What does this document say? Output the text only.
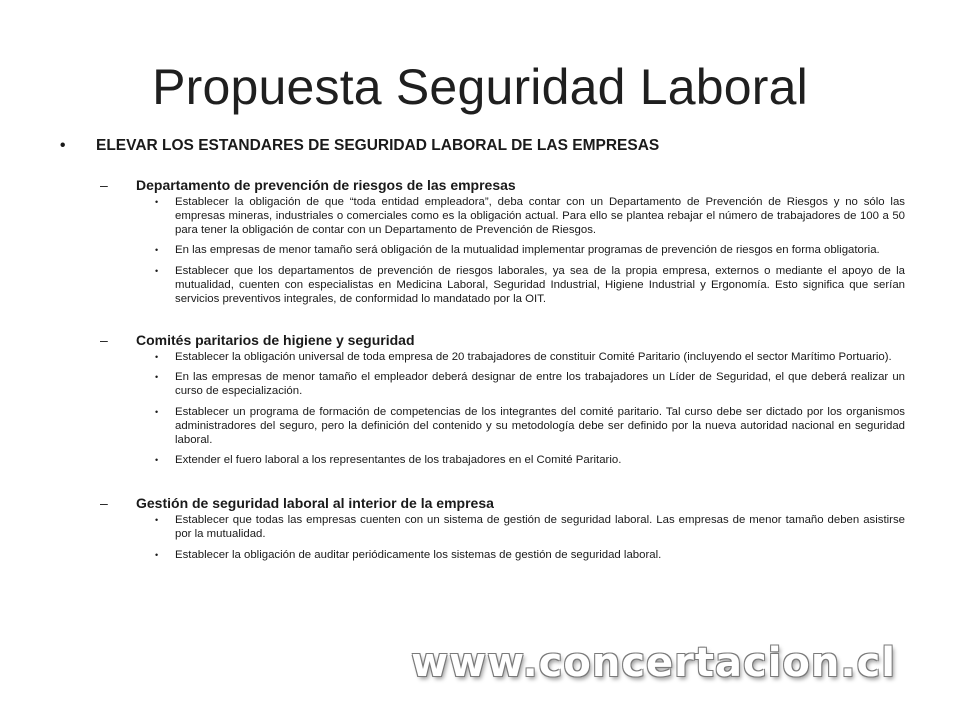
Propuesta Seguridad Laboral
• ELEVAR LOS ESTANDARES DE SEGURIDAD LABORAL DE LAS EMPRESAS
– Departamento de prevención de riesgos de las empresas
• Establecer la obligación de que “toda entidad empleadora”, deba contar con un Departamento de Prevención de Riesgos y no sólo las empresas mineras, industriales o comerciales como es la obligación actual. Para ello se plantea rebajar el número de trabajadores de 100 a 50 para tener la obligación de contar con un Departamento de Prevención de Riesgos.
• En las empresas de menor tamaño será obligación de la mutualidad implementar programas de prevención de riesgos en forma obligatoria.
• Establecer que los departamentos de prevención de riesgos laborales, ya sea de la propia empresa, externos o mediante el apoyo de la mutualidad, cuenten con especialistas en Medicina Laboral, Seguridad Industrial, Higiene Industrial y Ergonomía. Esto significa que serían servicios preventivos integrales, de conformidad lo mandatado por la OIT.
– Comités paritarios de higiene y seguridad
• Establecer la obligación universal de toda empresa de 20 trabajadores de constituir Comité Paritario (incluyendo el sector Marítimo Portuario).
• En las empresas de menor tamaño el empleador deberá designar de entre los trabajadores un Líder de Seguridad, el que deberá realizar un curso de especialización.
• Establecer un programa de formación de competencias de los integrantes del comité paritario. Tal curso debe ser dictado por los organismos administradores del seguro, pero la definición del contenido y su metodología debe ser definido por la nueva autoridad nacional en seguridad laboral.
• Extender el fuero laboral a los representantes de los trabajadores en el Comité Paritario.
– Gestión de seguridad laboral al interior de la empresa
• Establecer que todas las empresas cuenten con un sistema de gestión de seguridad laboral. Las empresas de menor tamaño deben asistirse por la mutualidad.
• Establecer la obligación de auditar periódicamente los sistemas de gestión de seguridad laboral.
www.concertacion.cl
